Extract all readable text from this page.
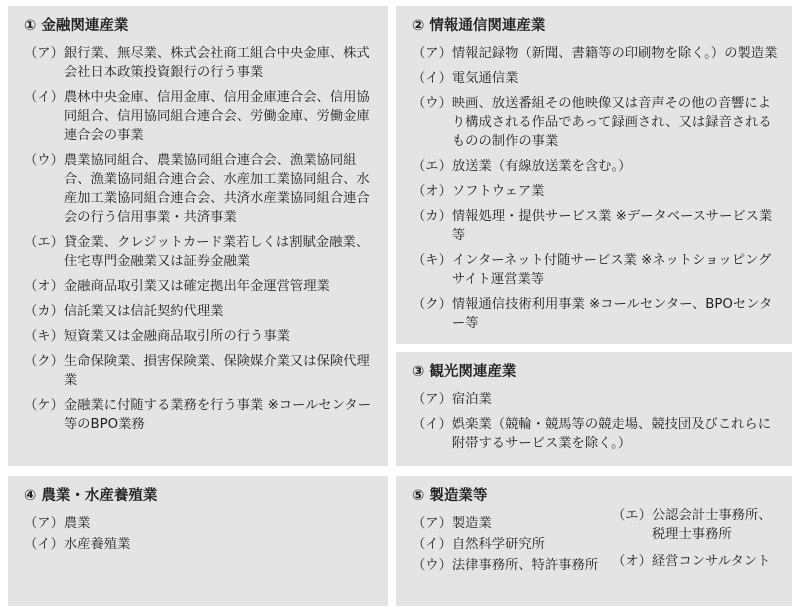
① 金融関連産業
（ア） 銀行業、無尽業、株式会社商工組合中央金庫、株式会社日本政策投資銀行の行う事業
（イ） 農林中央金庫、信用金庫、信用金庫連合会、信用協同組合、信用協同組合連合会、労働金庫、労働金庫連合会の事業
（ウ） 農業協同組合、農業協同組合連合会、漁業協同組合、漁業協同組合連合会、水産加工業協同組合、水産加工業協同組合連合会、共済水産業協同組合連合会の行う信用事業・共済事業
（エ） 貸金業、クレジットカード業若しくは割賦金融業、住宅専門金融業又は証券金融業
（オ） 金融商品取引業又は確定拠出年金運営管理業
（カ） 信託業又は信託契約代理業
（キ） 短資業又は金融商品取引所の行う事業
（ク） 生命保険業、損害保険業、保険媒介業又は保険代理業
（ケ） 金融業に付随する業務を行う事業 ※コールセンター等のBPO業務
② 情報通信関連産業
（ア） 情報記録物（新聞、書籍等の印刷物を除く。）の製造業
（イ） 電気通信業
（ウ） 映画、放送番組その他映像又は音声その他の音響により構成される作品であって録画され、又は録音されるものの制作の事業
（エ） 放送業（有線放送業を含む。）
（オ） ソフトウェア業
（カ） 情報処理・提供サービス業 ※データベースサービス業等
（キ） インターネット付随サービス業 ※ネットショッピングサイト運営業等
（ク） 情報通信技術利用事業 ※コールセンター、BPOセンター等
③ 観光関連産業
（ア） 宿泊業
（イ） 娯楽業（競輪・競馬等の競走場、競技団及びこれらに附帯するサービス業を除く。）
④ 農業・水産養殖業
（ア） 農業
（イ） 水産養殖業
⑤ 製造業等
（ア） 製造業
（イ） 自然科学研究所
（ウ） 法律事務所、特許事務所
（エ） 公認会計士事務所、税理士事務所
（オ） 経営コンサルタント
